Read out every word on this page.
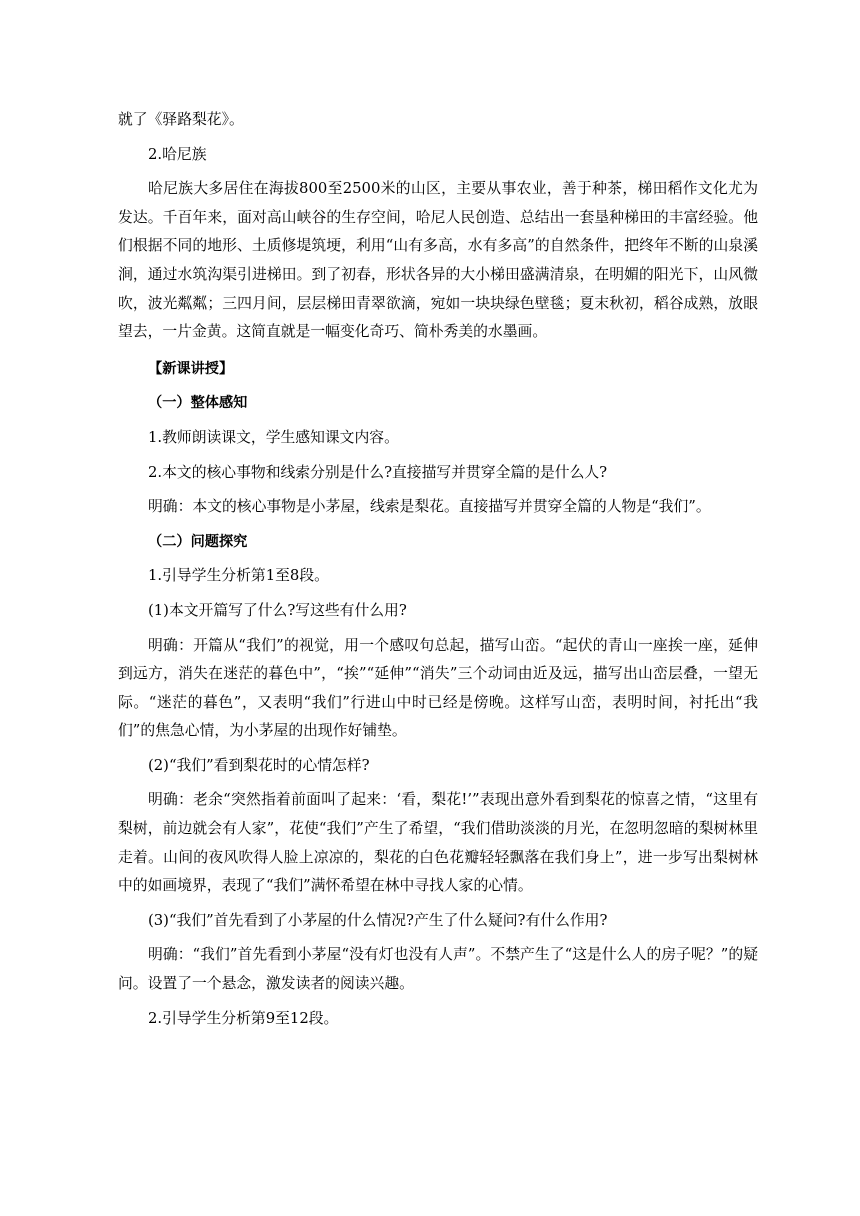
就了《驿路梨花》。

2.哈尼族

哈尼族大多居住在海拔800至2500米的山区，主要从事农业，善于种茶，梯田稻作文化尤为发达。千百年来，面对高山峡谷的生存空间，哈尼人民创造、总结出一套垦种梯田的丰富经验。他们根据不同的地形、土质修堤筑埂，利用“山有多高，水有多高”的自然条件，把终年不断的山泉溪涧，通过水筑沟渠引进梯田。到了初春，形状各异的大小梯田盛满清泉，在明媚的阳光下，山风微吹，波光粼粼；三四月间，层层梯田青翠欲滴，宛如一块块绿色壁毯；夏末秋初，稻谷成熟，放眼望去，一片金黄。这简直就是一幅变化奇巧、简朴秀美的水墨画。

【新课讲授】

（一）整体感知

1.教师朗读课文，学生感知课文内容。

2.本文的核心事物和线索分别是什么?直接描写并贯穿全篇的是什么人?

明确：本文的核心事物是小茅屋，线索是梨花。直接描写并贯穿全篇的人物是“我们”。

（二）问题探究

1.引导学生分析第1至8段。

(1)本文开篇写了什么?写这些有什么用?

明确：开篇从“我们”的视觉，用一个感叹句总起，描写山峦。“起伏的青山一座挨一座，延伸到远方，消失在迷茫的暮色中”，“挨”“延伸”“消失”三个动词由近及远，描写出山峦层叠，一望无际。“迷茫的暮色”，又表明“我们”行进山中时已经是傍晚。这样写山峦，表明时间，衬托出“我们”的焦急心情，为小茅屋的出现作好铺垫。

(2)“我们”看到梨花时的心情怎样?

明确：老余“突然指着前面叫了起来：‘看，梨花!’”表现出意外看到梨花的惊喜之情，“这里有梨树，前边就会有人家”，花使“我们”产生了希望，“我们借助淡淡的月光，在忽明忽暗的梨树林里走着。山间的夜风吹得人脸上凉凉的，梨花的白色花瓣轻轻飘落在我们身上”，进一步写出梨树林中的如画境界，表现了“我们”满怀希望在林中寻找人家的心情。

(3)“我们”首先看到了小茅屋的什么情况?产生了什么疑问?有什么作用?

明确：“我们”首先看到小茅屋“没有灯也没有人声”。不禁产生了“这是什么人的房子呢？”的疑问。设置了一个悬念，激发读者的阅读兴趣。

2.引导学生分析第9至12段。
